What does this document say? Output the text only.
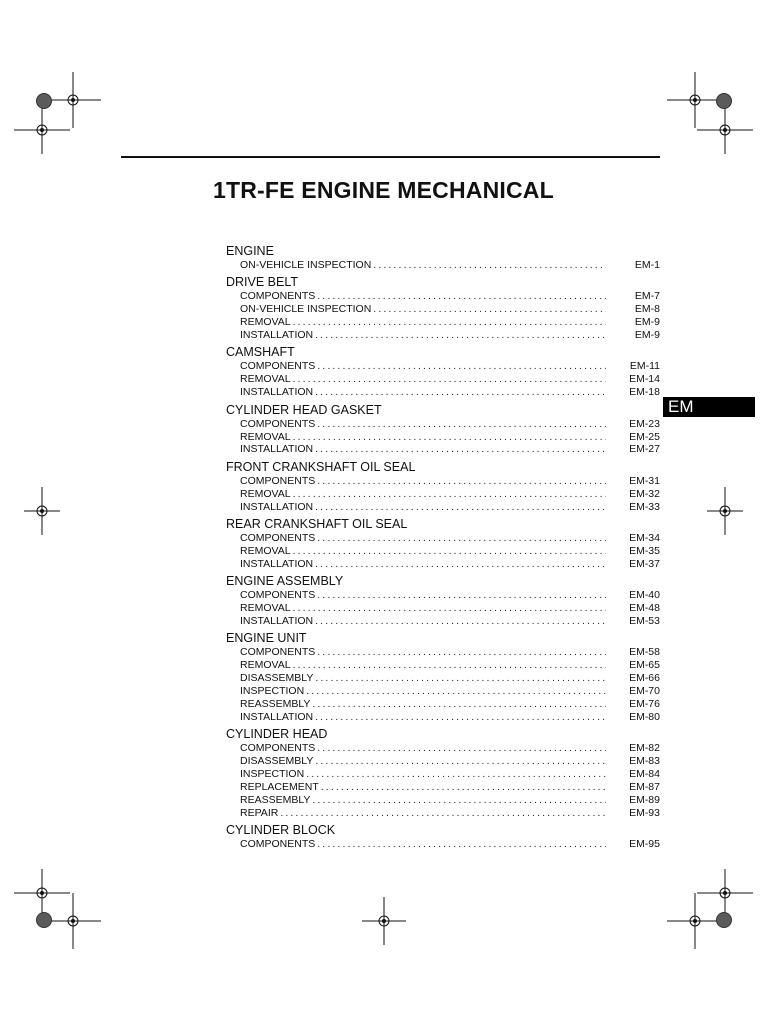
1TR-FE ENGINE MECHANICAL
ENGINE
ON-VEHICLE INSPECTION . . .	EM-1
DRIVE BELT
COMPONENTS . . .	EM-7
ON-VEHICLE INSPECTION . . .	EM-8
REMOVAL . . .	EM-9
INSTALLATION . . .	EM-9
CAMSHAFT
COMPONENTS . . .	EM-11
REMOVAL . . .	EM-14
INSTALLATION . . .	EM-18
CYLINDER HEAD GASKET
COMPONENTS . . .	EM-23
REMOVAL . . .	EM-25
INSTALLATION . . .	EM-27
FRONT CRANKSHAFT OIL SEAL
COMPONENTS . . .	EM-31
REMOVAL . . .	EM-32
INSTALLATION . . .	EM-33
REAR CRANKSHAFT OIL SEAL
COMPONENTS . . .	EM-34
REMOVAL . . .	EM-35
INSTALLATION . . .	EM-37
ENGINE ASSEMBLY
COMPONENTS . . .	EM-40
REMOVAL . . .	EM-48
INSTALLATION . . .	EM-53
ENGINE UNIT
COMPONENTS . . .	EM-58
REMOVAL . . .	EM-65
DISASSEMBLY . . .	EM-66
INSPECTION . . .	EM-70
REASSEMBLY . . .	EM-76
INSTALLATION . . .	EM-80
CYLINDER HEAD
COMPONENTS . . .	EM-82
DISASSEMBLY . . .	EM-83
INSPECTION . . .	EM-84
REPLACEMENT . . .	EM-87
REASSEMBLY . . .	EM-89
REPAIR . . .	EM-93
CYLINDER BLOCK
COMPONENTS . . .	EM-95
EM
